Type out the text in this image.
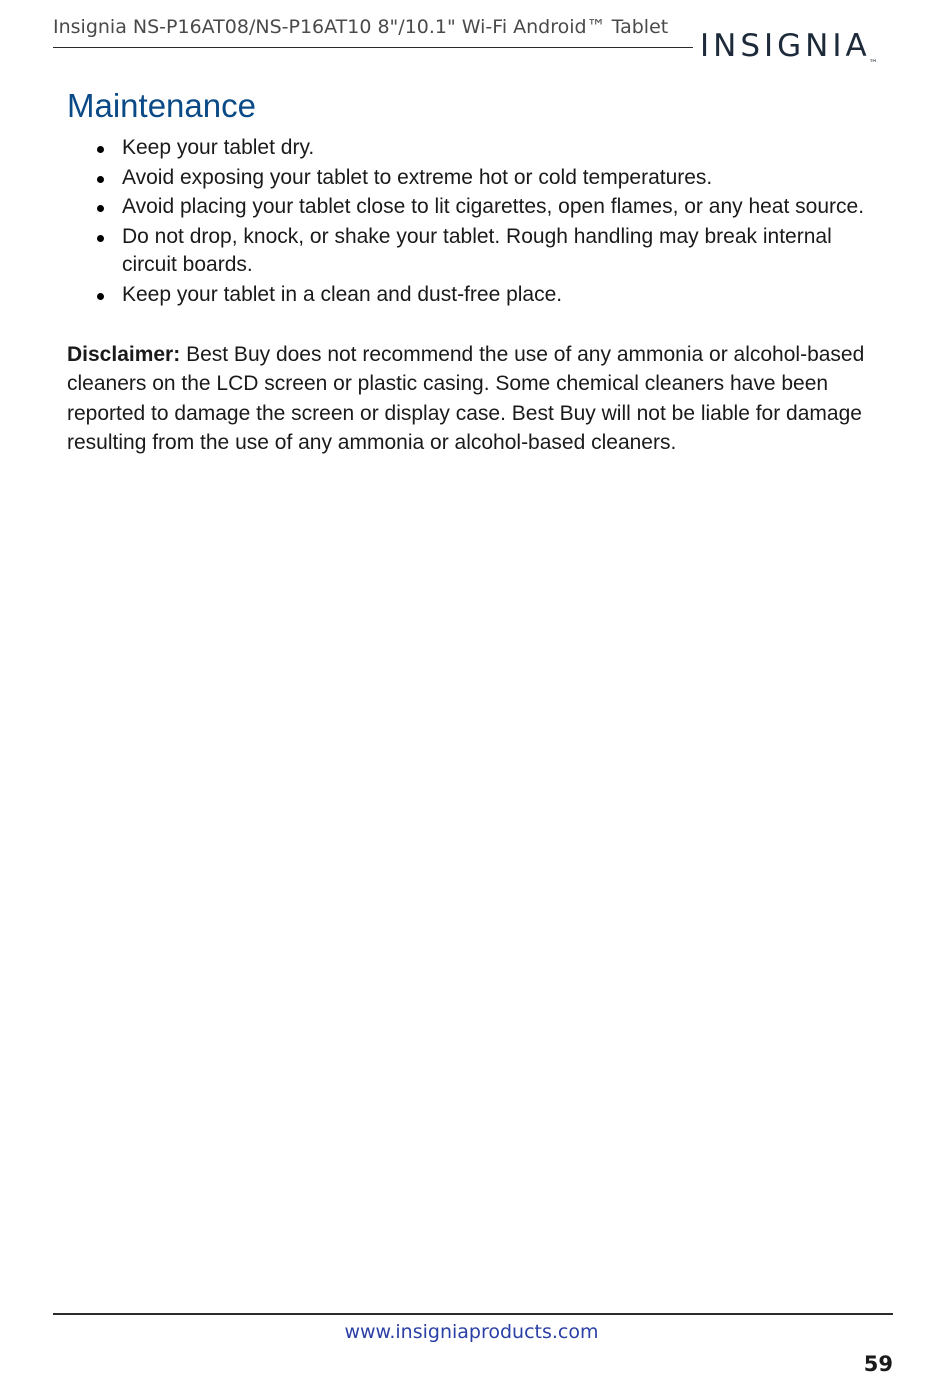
Insignia NS-P16AT08/NS-P16AT10 8"/10.1" Wi-Fi Android™ Tablet
INSIGNIA™
Maintenance
Keep your tablet dry.
Avoid exposing your tablet to extreme hot or cold temperatures.
Avoid placing your tablet close to lit cigarettes, open flames, or any heat source.
Do not drop, knock, or shake your tablet. Rough handling may break internal circuit boards.
Keep your tablet in a clean and dust-free place.

Disclaimer: Best Buy does not recommend the use of any ammonia or alcohol-based cleaners on the LCD screen or plastic casing. Some chemical cleaners have been reported to damage the screen or display case. Best Buy will not be liable for damage resulting from the use of any ammonia or alcohol-based cleaners.

www.insigniaproducts.com
59
